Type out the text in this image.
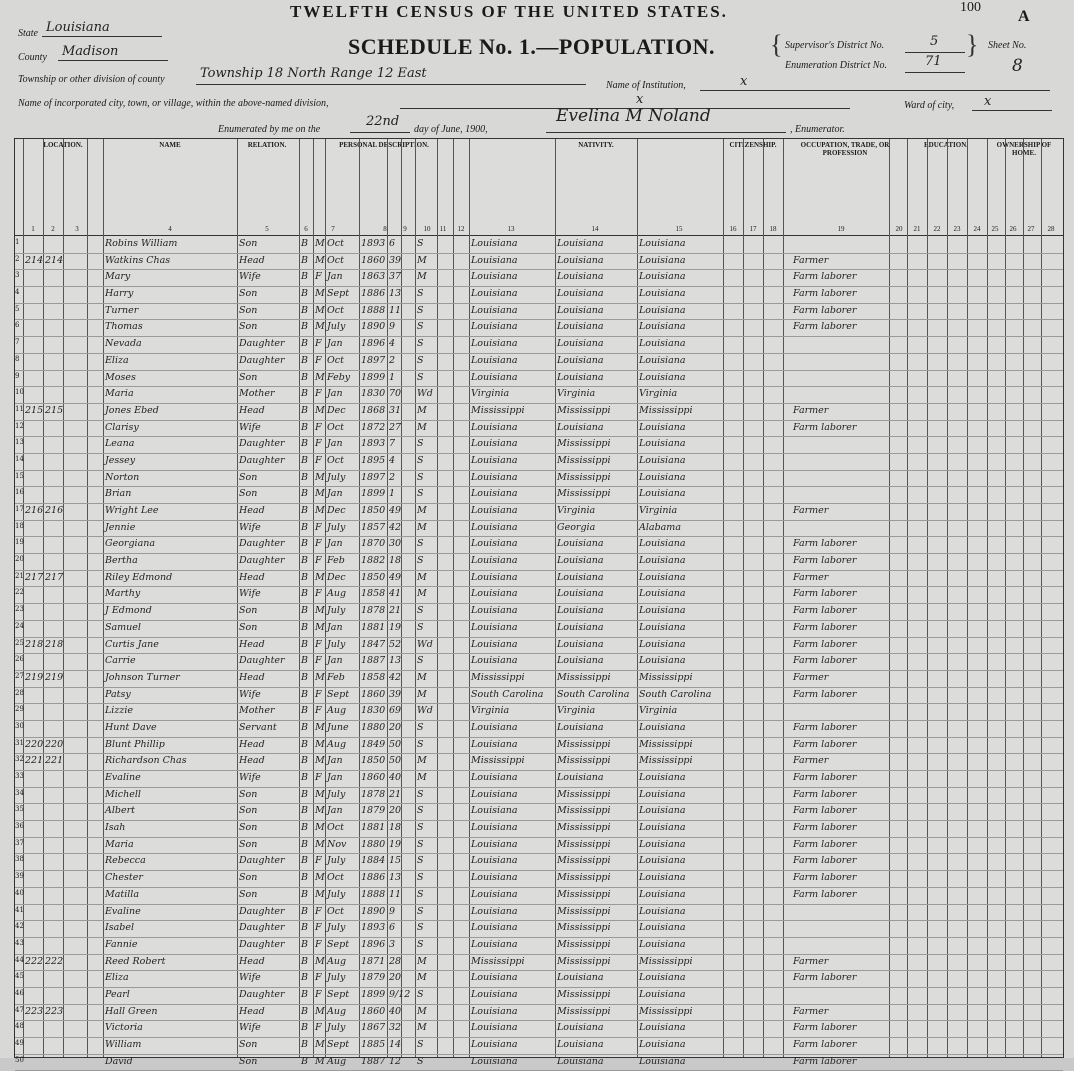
TWELFTH CENSUS OF THE UNITED STATES.	100
A
State Louisiana
County Madison	SCHEDULE No. 1.—POPULATION. { Supervisor's District No.	5
Enumeration District No.	71
} Sheet No.
8
Township or other division of county	Township 18 North Range 12 East
Name of Institution,	x
Name of incorporated city, town, or village, within the above-named division,	x	Ward of city, x
Enumerated by me on the
22nd
day of June, 1900,
Evelina M Noland
, Enumerator.
LOCATION.	NAME	RELATION.	PERSONAL DESCRIPTION.	NATIVITY.	CITIZENSHIP.	OCCUPATION, TRADE, OR PROFESSION
EDUCATION.	OWNERSHIP OF HOME.
1	2	3	4	5	6	7	8	9	10	11	12	13	14	15	16	17	18	19	20	21	22	23	24	25	26	27	28
1	Robins William	Son	B M Oct	1893 6	S	Louisiana	Louisiana	Louisiana
2 214 214	Watkins Chas	Head	B M Oct	1860 39 M	Louisiana	Louisiana	Louisiana	Farmer
3	Mary	Wife	B F Jan	1863 37 M	Louisiana	Louisiana	Louisiana	Farm laborer
4	Harry	Son	B M Sept	1886 13 S	Louisiana	Louisiana	Louisiana	Farm laborer
5	Turner	Son	B M Oct	1888 11 S	Louisiana	Louisiana	Louisiana	Farm laborer
6	Thomas	Son	B M July	1890 9	S	Louisiana	Louisiana	Louisiana	Farm laborer
7	Nevada	Daughter	B F Jan	1896 4	S	Louisiana	Louisiana	Louisiana
8	Eliza	Daughter	B F Oct	1897 2	S	Louisiana	Louisiana	Louisiana
9	Moses	Son	B M Feby	1899 1	S	Louisiana	Louisiana	Louisiana
10	Maria	Mother	B F Jan	1830 70 Wd	Virginia	Virginia	Virginia
11 215 215	Jones Ebed	Head	B M Dec	1868 31 M	Mississippi	Mississippi	Mississippi	Farmer
12	Clarisy	Wife	B F Oct	1872 27 M	Louisiana	Louisiana	Louisiana	Farm laborer
13	Leana	Daughter	B F Jan	1893 7	S	Louisiana	Mississippi	Louisiana
14	Jessey	Daughter	B F Oct	1895 4	S	Louisiana	Mississippi	Louisiana
15	Norton	Son	B M July	1897 2	S	Louisiana	Mississippi	Louisiana
16	Brian	Son	B M Jan	1899 1	S	Louisiana	Mississippi	Louisiana
17 216 216	Wright Lee	Head	B M Dec	1850 49 M	Louisiana	Virginia	Virginia	Farmer
18	Jennie	Wife	B F July	1857 42 M	Louisiana	Georgia	Alabama
19	Georgiana	Daughter	B F Jan	1870 30 S	Louisiana	Louisiana	Louisiana	Farm laborer
20	Bertha	Daughter	B F Feb	1882 18 S	Louisiana	Louisiana	Louisiana	Farm laborer
21 217 217	Riley Edmond	Head	B M Dec	1850 49 M	Louisiana	Louisiana	Louisiana	Farmer
22	Marthy	Wife	B F Aug	1858 41 M	Louisiana	Louisiana	Louisiana	Farm laborer
23	J Edmond	Son	B M July	1878 21 S	Louisiana	Louisiana	Louisiana	Farm laborer
24	Samuel	Son	B M Jan	1881 19 S	Louisiana	Louisiana	Louisiana	Farm laborer
25 218 218	Curtis Jane	Head	B F July	1847 52 Wd	Louisiana	Louisiana	Louisiana	Farm laborer
26	Carrie	Daughter	B F Jan	1887 13 S	Louisiana	Louisiana	Louisiana	Farm laborer
27 219 219	Johnson Turner	Head	B M Feb	1858 42 M	Mississippi	Mississippi	Mississippi	Farmer
28	Patsy	Wife	B F Sept	1860 39 M	South Carolina	South Carolina	South Carolina	Farm laborer
29	Lizzie	Mother	B F Aug	1830 69 Wd	Virginia	Virginia	Virginia
30	Hunt Dave	Servant	B M June	1880 20 S	Louisiana	Louisiana	Louisiana	Farm laborer
31 220 220	Blunt Phillip	Head	B M Aug	1849 50 S	Louisiana	Mississippi	Mississippi	Farm laborer
32 221 221	Richardson Chas	Head	B M Jan	1850 50 M	Mississippi	Mississippi	Mississippi	Farmer
33	Evaline	Wife	B F Jan	1860 40 M	Louisiana	Louisiana	Louisiana	Farm laborer
34	Michell	Son	B M July	1878 21 S	Louisiana	Mississippi	Louisiana	Farm laborer
35	Albert	Son	B M Jan	1879 20 S	Louisiana	Mississippi	Louisiana	Farm laborer
36	Isah	Son	B M Oct	1881 18 S	Louisiana	Mississippi	Louisiana	Farm laborer
37	Maria	Son	B M Nov	1880 19 S	Louisiana	Mississippi	Louisiana	Farm laborer
38	Rebecca	Daughter	B F July	1884 15 S	Louisiana	Mississippi	Louisiana	Farm laborer
39	Chester	Son	B M Oct	1886 13 S	Louisiana	Mississippi	Louisiana	Farm laborer
40	Matilla	Son	B M July	1888 11 S	Louisiana	Mississippi	Louisiana	Farm laborer
41	Evaline	Daughter	B F Oct	1890 9	S	Louisiana	Mississippi	Louisiana
42	Isabel	Daughter	B F July	1893 6	S	Louisiana	Mississippi	Louisiana
43	Fannie	Daughter	B F Sept	1896 3	S	Louisiana	Mississippi	Louisiana
44 222 222	Reed Robert	Head	B M Aug	1871 28 M	Mississippi	Mississippi	Mississippi	Farmer
45	Eliza	Wife	B F July	1879 20 M	Louisiana	Louisiana	Louisiana	Farm laborer
46	Pearl	Daughter	B F Sept	1899 9/12 S	Louisiana	Mississippi	Louisiana
47 223 223	Hall Green	Head	B M Aug	1860 40 M	Louisiana	Mississippi	Mississippi	Farmer
48	Victoria	Wife	B F July	1867 32 M	Louisiana	Louisiana	Louisiana	Farm laborer
49	William	Son	B M Sept	1885 14 S	Louisiana	Louisiana	Louisiana	Farm laborer
50	David	Son	B M Aug	1887 12 S	Louisiana	Louisiana	Louisiana	Farm laborer
